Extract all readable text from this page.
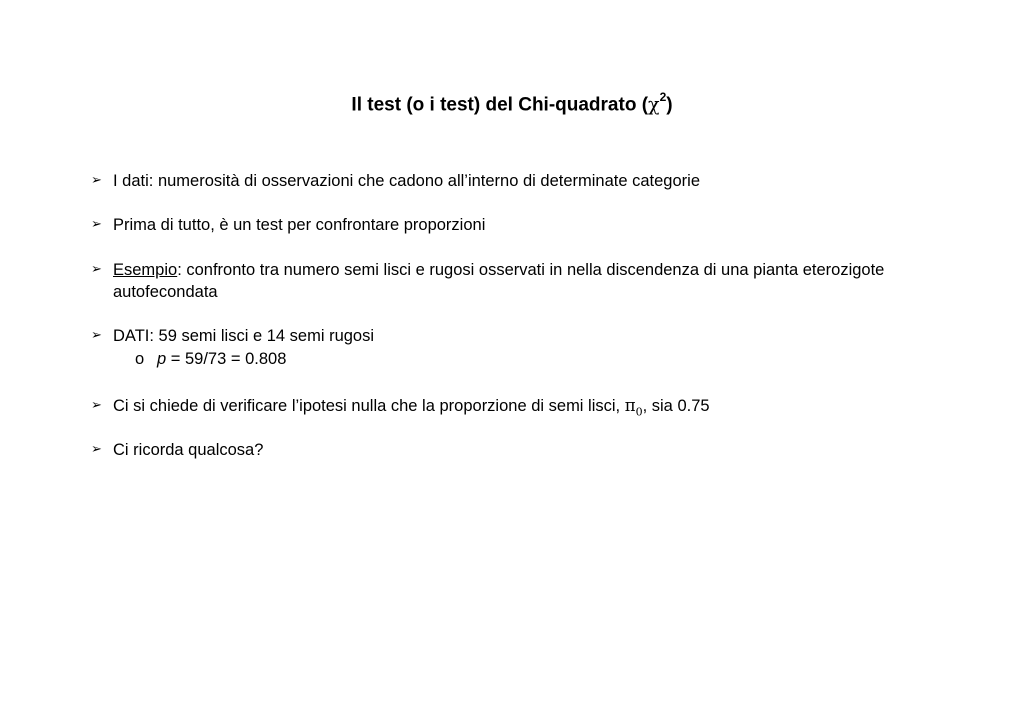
Il test (o i test) del Chi-quadrato $(\chi^2)$
➢ I dati: numerosità di osservazioni che cadono all’interno di determinate categorie
➢ Prima di tutto, è un test per confrontare proporzioni
➢ Esempio: confronto tra numero semi lisci e rugosi osservati in nella discendenza di una pianta eterozigote autofecondata
➢ DATI: 59 semi lisci e 14 semi rugosi
o p = 59/73 = 0.808
➢ Ci si chiede di verificare l’ipotesi nulla che la proporzione di semi lisci, $\pi_0$, sia 0.75
➢ Ci ricorda qualcosa?
